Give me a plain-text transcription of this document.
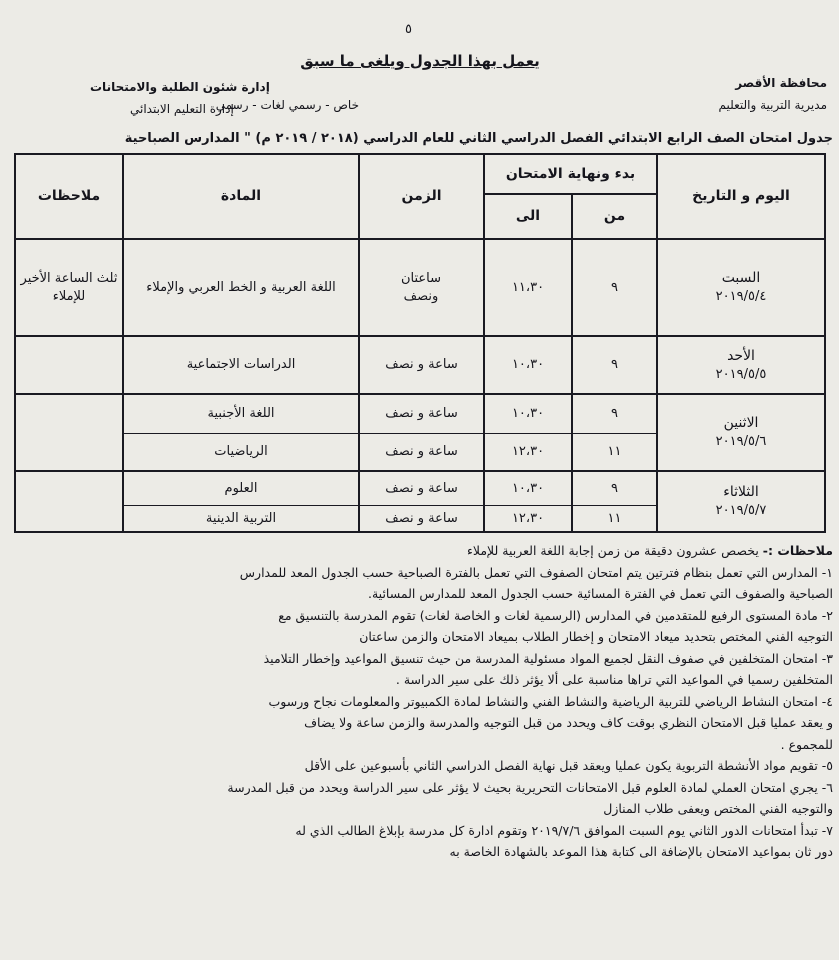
٥
يعمل بهذا الجدول ويلغى ما سبق
محافظة الأقصر
مديرية التربية والتعليم
خاص - رسمي لغات - رسمي
إدارة شئون الطلبة والامتحانات
إدارة التعليم الابتدائي
جدول امتحان الصف الرابع الابتدائي الفصل الدراسي الثاني للعام الدراسي (٢٠١٨ / ٢٠١٩ م) " المدارس الصباحية
اليوم و التاريخ
بدء ونهاية الامتحان
من
الى
الزمن
المادة
ملاحظات
السبت
٢٠١٩/٥/٤
٩
١١،٣٠
ساعتان ونصف
اللغة العربية و الخط العربي والإملاء
ثلث الساعة الأخير للإملاء
الأحد
٢٠١٩/٥/٥
٩
١٠،٣٠
ساعة و نصف
الدراسات الاجتماعية
الاثنين
٢٠١٩/٥/٦
٩
١٠،٣٠
ساعة و نصف
اللغة الأجنبية
١١
١٢،٣٠
ساعة و نصف
الرياضيات
الثلاثاء
٢٠١٩/٥/٧
٩
١٠،٣٠
ساعة و نصف
العلوم
١١
١٢،٣٠
ساعة و نصف
التربية الدينية

ملاحظات :- يخصص عشرون دقيقة من زمن إجابة اللغة العربية للإملاء

١- المدارس التي تعمل بنظام فترتين يتم امتحان الصفوف التي تعمل بالفترة الصباحية حسب الجدول المعد للمدارس

الصباحية والصفوف التي تعمل في الفترة المسائية حسب الجدول المعد للمدارس المسائية.

٢- مادة المستوى الرفيع للمتقدمين في المدارس (الرسمية لغات و الخاصة لغات) تقوم المدرسة بالتنسيق مع

التوجيه الفني المختص بتحديد ميعاد الامتحان و إخطار الطلاب بميعاد الامتحان والزمن ساعتان

٣- امتحان المتخلفين في صفوف النقل لجميع المواد مسئولية المدرسة من حيث تنسيق المواعيد وإخطار التلاميذ

المتخلفين رسميا في المواعيد التي تراها مناسبة على ألا يؤثر ذلك على سير الدراسة .

٤- امتحان النشاط الرياضي للتربية الرياضية والنشاط الفني والنشاط لمادة الكمبيوتر والمعلومات نجاح ورسوب

و يعقد عمليا قبل الامتحان النظري بوقت كاف ويحدد من قبل التوجيه والمدرسة والزمن ساعة ولا يضاف

للمجموع .

٥- تقويم مواد الأنشطة التربوية يكون عمليا ويعقد قبل نهاية الفصل الدراسي الثاني بأسبوعين على الأقل

٦- يجري امتحان العملي لمادة العلوم قبل الامتحانات التحريرية بحيث لا يؤثر على سير الدراسة ويحدد من قبل المدرسة

والتوجيه الفني المختص ويعفى طلاب المنازل

٧- تبدأ امتحانات الدور الثاني يوم السبت الموافق ٢٠١٩/٧/٦ وتقوم ادارة كل مدرسة بإبلاغ الطالب الذي له

دور ثان بمواعيد الامتحان بالإضافة الى كتابة هذا الموعد بالشهادة الخاصة به
